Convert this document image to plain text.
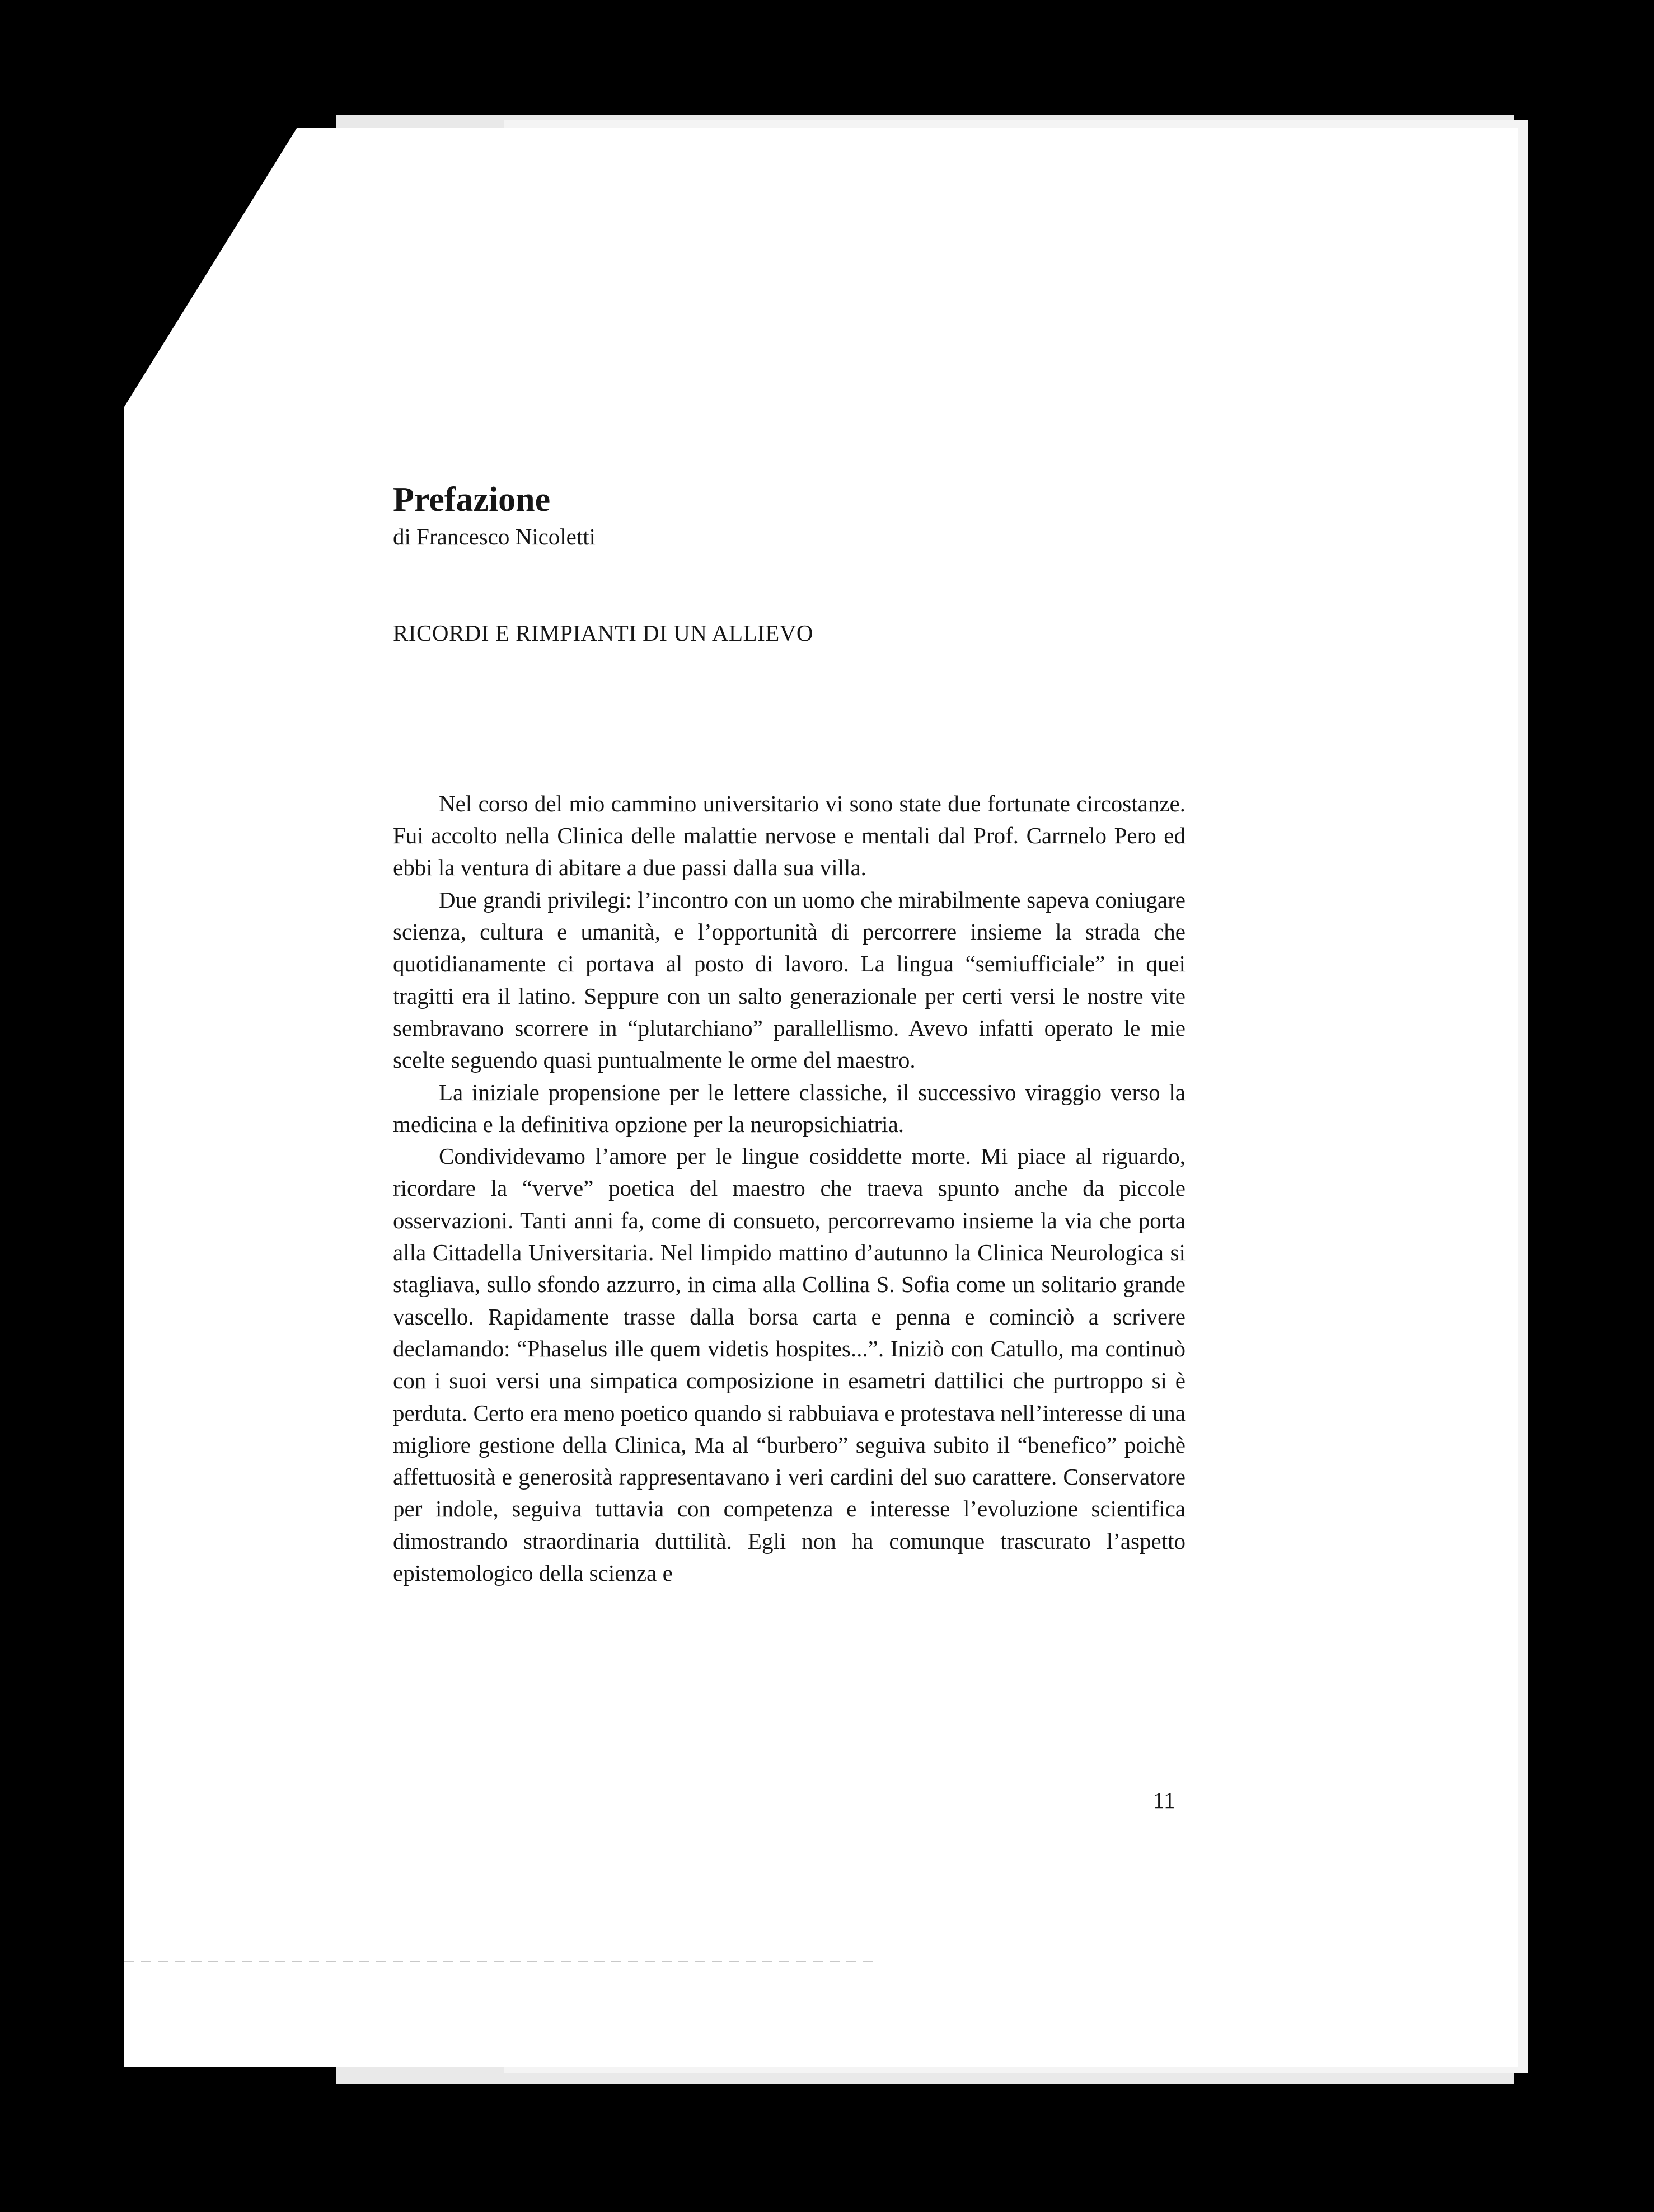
Prefazione
di Francesco Nicoletti
RICORDI E RIMPIANTI DI UN ALLIEVO

Nel corso del mio cammino universitario vi sono state due fortunate circostanze. Fui accolto nella Clinica delle malattie nervose e mentali dal Prof. Carrnelo Pero ed ebbi la ventura di abitare a due passi dalla sua villa.

Due grandi privilegi: l’incontro con un uomo che mirabilmente sapeva coniugare scienza, cultura e umanità, e l’opportunità di percorrere insieme la strada che quotidianamente ci portava al posto di lavoro. La lingua “semiufficiale” in quei tragitti era il latino. Seppure con un salto generazionale per certi versi le nostre vite sembravano scorrere in “plutarchiano” parallellismo. Avevo infatti operato le mie scelte seguendo quasi puntualmente le orme del maestro.

La iniziale propensione per le lettere classiche, il successivo viraggio verso la medicina e la definitiva opzione per la neuropsichiatria.

Condividevamo l’amore per le lingue cosiddette morte. Mi piace al riguardo, ricordare la “verve” poetica del maestro che traeva spunto anche da piccole osservazioni. Tanti anni fa, come di consueto, percorrevamo insieme la via che porta alla Cittadella Universitaria. Nel limpido mattino d’autunno la Clinica Neurologica si stagliava, sullo sfondo azzurro, in cima alla Collina S. Sofia come un solitario grande vascello. Rapidamente trasse dalla borsa carta e penna e cominciò a scrivere declamando: “Phaselus ille quem videtis hospites...”. Iniziò con Catullo, ma continuò con i suoi versi una simpatica composizione in esametri dattilici che purtroppo si è perduta. Certo era meno poetico quando si rabbuiava e protestava nell’interesse di una migliore gestione della Clinica, Ma al “burbero” seguiva subito il “benefico” poichè affettuosità e generosità rappresentavano i veri cardini del suo carattere. Conservatore per indole, seguiva tuttavia con competenza e interesse l’evoluzione scientifica dimostrando straordinaria duttilità. Egli non ha comunque trascurato l’aspetto epistemologico della scienza e

11
